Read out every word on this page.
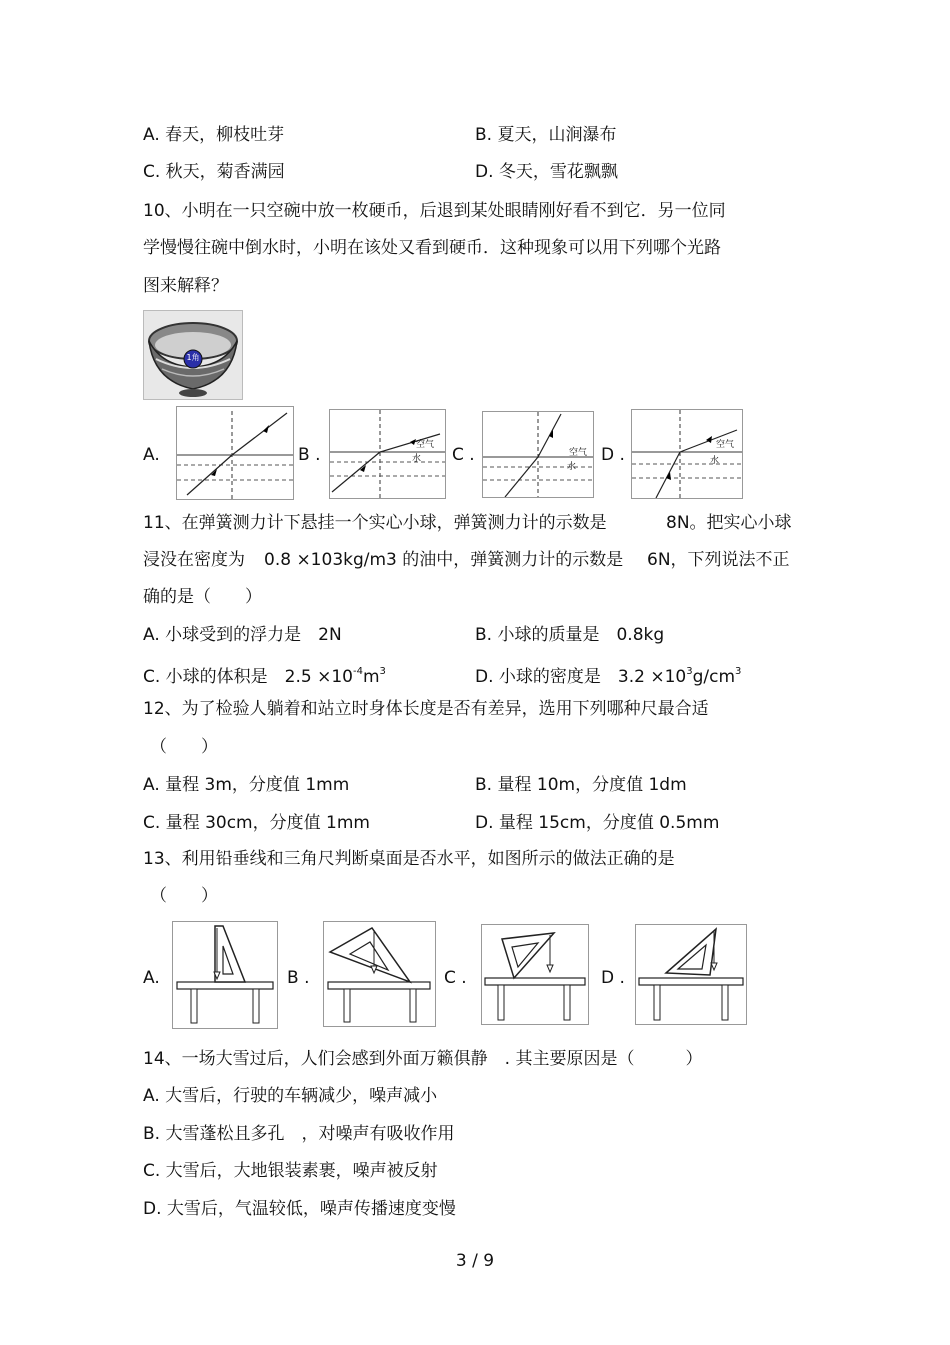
A. 春天，柳枝吐芽	B. 夏天，山涧瀑布
C. 秋天，菊香满园	D. 冬天，雪花飘飘
10、小明在一只空碗中放一枚硬币，后退到某处眼睛刚好看不到它．另一位同
学慢慢往碗中倒水时，小明在该处又看到硬币．这种现象可以用下列哪个光路
图来解释？
1角
A.	B .	空气
水 C .	空气
水
D .	空气
水
11、在弹簧测力计下悬挂一个实心小球，弹簧测力计的示数是	8N。把实心小球
浸没在密度为 0.8 ×103kg/m3 的油中，弹簧测力计的示数是 6N，下列说法不正
确的是（　　）
A. 小球受到的浮力是　2N	B. 小球的质量是　0.8kg
C. 小球的体积是　$2.5 \times 10^{-4}m^3$	D. 小球的密度是　$3.2 \times 10^3g/cm^3$
12、为了检验人躺着和站立时身体长度是否有差异，选用下列哪种尺最合适
（　　）
A. 量程 3m，分度值 1mm	B. 量程 10m，分度值 1dm
C. 量程 30cm，分度值 1mm	D. 量程 15cm，分度值 0.5mm
13、利用铅垂线和三角尺判断桌面是否水平，如图所示的做法正确的是
（　　）
A.	B .	C .	D .
14、一场大雪过后，人们会感到外面万籁俱静　. 其主要原因是（　　　）
A. 大雪后，行驶的车辆减少，噪声减小
B. 大雪蓬松且多孔　，对噪声有吸收作用
C. 大雪后，大地银装素裹，噪声被反射
D. 大雪后，气温较低，噪声传播速度变慢
3 / 9
